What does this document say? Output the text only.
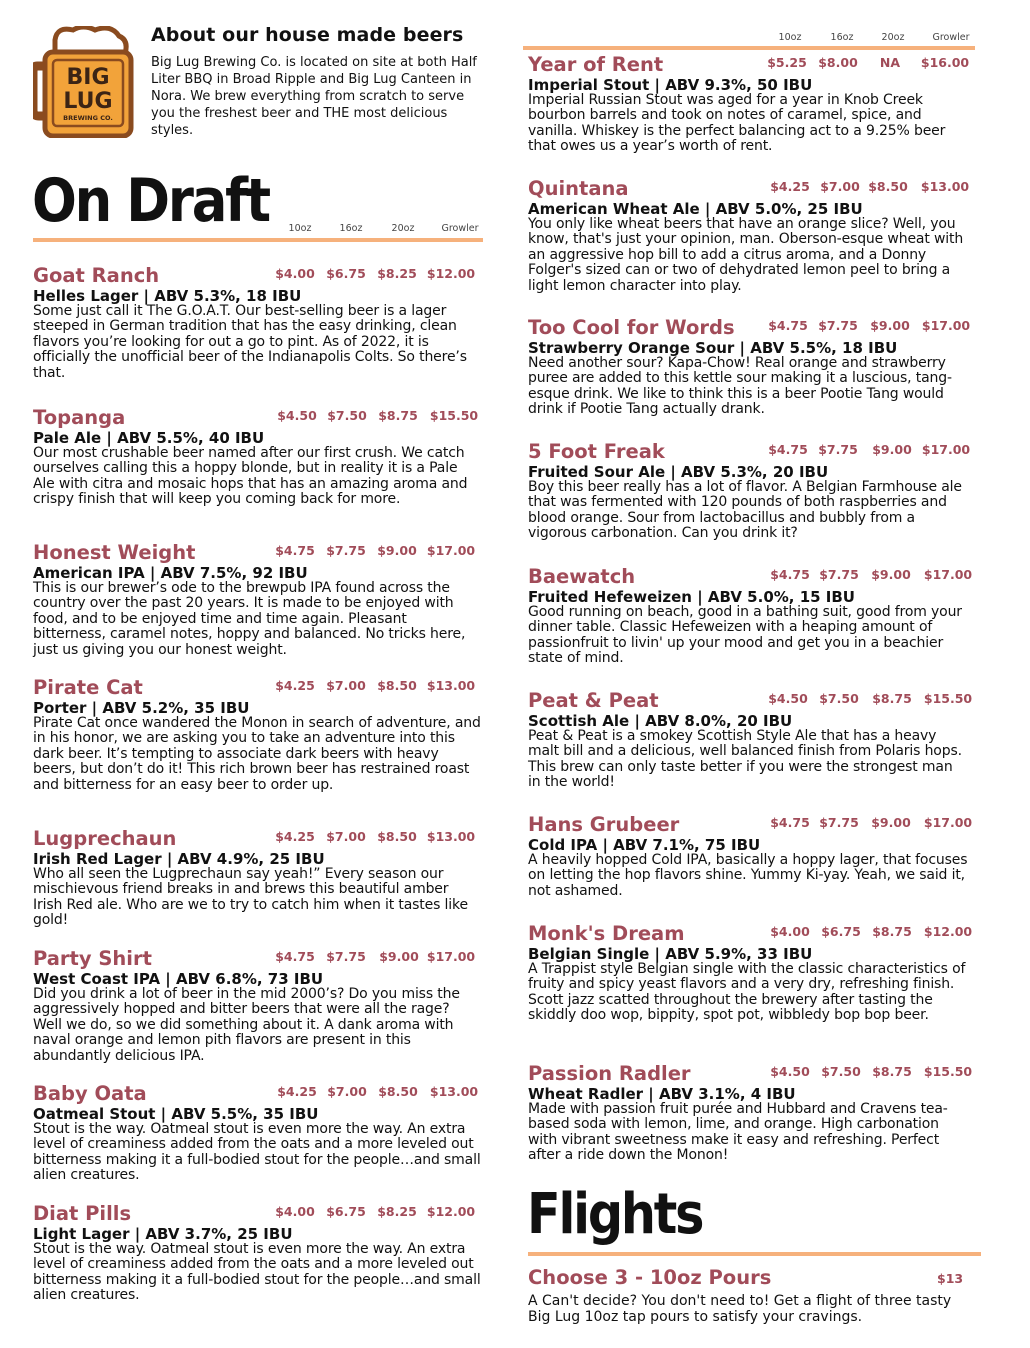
BIG
LUG
BREWING CO.
About our house made beers

Big Lug Brewing Co. is located on site at both Half Liter BBQ in Broad Ripple and Big Lug Canteen in Nora. We brew everything from scratch to serve you the freshest beer and THE most delicious styles.

On Draft 10oz	16oz	20oz	Growler
10oz	16oz	20oz	Growler
Goat Ranch	$4.00 $6.75 $8.25 $12.00
Helles Lager | ABV 5.3%, 18 IBU
Some just call it The G.O.A.T. Our best-selling beer is a lager steeped in German tradition that has the easy drinking, clean flavors you’re looking for out a go to pint. As of 2022, it is officially the unofficial beer of the Indianapolis Colts. So there’s that.
Topanga	$4.50 $7.50 $8.75 $15.50
Pale Ale | ABV 5.5%, 40 IBU
Our most crushable beer named after our first crush. We catch ourselves calling this a hoppy blonde, but in reality it is a Pale Ale with citra and mosaic hops that has an amazing aroma and crispy finish that will keep you coming back for more.
Honest Weight	$4.75 $7.75 $9.00 $17.00
American IPA | ABV 7.5%, 92 IBU
This is our brewer’s ode to the brewpub IPA found across the country over the past 20 years. It is made to be enjoyed with food, and to be enjoyed time and time again. Pleasant bitterness, caramel notes, hoppy and balanced. No tricks here, just us giving you our honest weight.
Pirate Cat	$4.25 $7.00 $8.50 $13.00
Porter | ABV 5.2%, 35 IBU
Pirate Cat once wandered the Monon in search of adventure, and in his honor, we are asking you to take an adventure into this dark beer. It’s tempting to associate dark beers with heavy beers, but don’t do it! This rich brown beer has restrained roast and bitterness for an easy beer to order up.
Lugprechaun	$4.25 $7.00 $8.50 $13.00
Irish Red Lager | ABV 4.9%, 25 IBU
Who all seen the Lugprechaun say yeah!” Every season our mischievous friend breaks in and brews this beautiful amber Irish Red ale. Who are we to try to catch him when it tastes like gold!
Party Shirt	$4.75 $7.75 $9.00 $17.00
West Coast IPA | ABV 6.8%, 73 IBU
Did you drink a lot of beer in the mid 2000’s? Do you miss the aggressively hopped and bitter beers that were all the rage? Well we do, so we did something about it. A dank aroma with naval orange and lemon pith flavors are present in this abundantly delicious IPA.
Baby Oata	$4.25 $7.00 $8.50 $13.00
Oatmeal Stout | ABV 5.5%, 35 IBU
Stout is the way. Oatmeal stout is even more the way. An extra level of creaminess added from the oats and a more leveled out bitterness making it a full-bodied stout for the people…and small alien creatures.
Diat Pills	$4.00 $6.75 $8.25 $12.00
Light Lager | ABV 3.7%, 25 IBU
Stout is the way. Oatmeal stout is even more the way. An extra level of creaminess added from the oats and a more leveled out bitterness making it a full-bodied stout for the people…and small alien creatures.
Year of Rent	$5.25 $8.00 NA $16.00
Imperial Stout | ABV 9.3%, 50 IBU
Imperial Russian Stout was aged for a year in Knob Creek bourbon barrels and took on notes of caramel, spice, and vanilla. Whiskey is the perfect balancing act to a 9.25% beer that owes us a year’s worth of rent.
Quintana	$4.25 $7.00 $8.50 $13.00
American Wheat Ale | ABV 5.0%, 25 IBU
You only like wheat beers that have an orange slice? Well, you know, that's just your opinion, man. Oberson-esque wheat with an aggressive hop bill to add a citrus aroma, and a Donny Folger's sized can or two of dehydrated lemon peel to bring a light lemon character into play.
Too Cool for Words	$4.75 $7.75 $9.00 $17.00
Strawberry Orange Sour | ABV 5.5%, 18 IBU
Need another sour? Kapa-Chow! Real orange and strawberry puree are added to this kettle sour making it a luscious, tang-esque drink. We like to think this is a beer Pootie Tang would drink if Pootie Tang actually drank.
5 Foot Freak	$4.75 $7.75 $9.00 $17.00
Fruited Sour Ale | ABV 5.3%, 20 IBU
Boy this beer really has a lot of flavor. A Belgian Farmhouse ale that was fermented with 120 pounds of both raspberries and blood orange. Sour from lactobacillus and bubbly from a vigorous carbonation. Can you drink it?
Baewatch	$4.75 $7.75 $9.00 $17.00
Fruited Hefeweizen | ABV 5.0%, 15 IBU
Good running on beach, good in a bathing suit, good from your dinner table. Classic Hefeweizen with a heaping amount of passionfruit to livin' up your mood and get you in a beachier state of mind.
Peat & Peat	$4.50 $7.50 $8.75 $15.50
Scottish Ale | ABV 8.0%, 20 IBU
Peat & Peat is a smokey Scottish Style Ale that has a heavy malt bill and a delicious, well balanced finish from Polaris hops. This brew can only taste better if you were the strongest man in the world!
Hans Grubeer	$4.75 $7.75 $9.00 $17.00
Cold IPA | ABV 7.1%, 75 IBU
A heavily hopped Cold IPA, basically a hoppy lager, that focuses on letting the hop flavors shine. Yummy Ki-yay. Yeah, we said it, not ashamed.
Monk's Dream	$4.00 $6.75 $8.75 $12.00
Belgian Single | ABV 5.9%, 33 IBU
A Trappist style Belgian single with the classic characteristics of fruity and spicy yeast flavors and a very dry, refreshing finish. Scott jazz scatted throughout the brewery after tasting the skiddly doo wop, bippity, spot pot, wibbledy bop bop beer.
Passion Radler	$4.50 $7.50 $8.75 $15.50
Wheat Radler | ABV 3.1%, 4 IBU
Made with passion fruit purée and Hubbard and Cravens tea-based soda with lemon, lime, and orange. High carbonation with vibrant sweetness make it easy and refreshing. Perfect after a ride down the Monon!
Flights
Choose 3 - 10oz Pours	$13
A Can't decide? You don't need to! Get a flight of three tasty Big Lug 10oz tap pours to satisfy your cravings.
